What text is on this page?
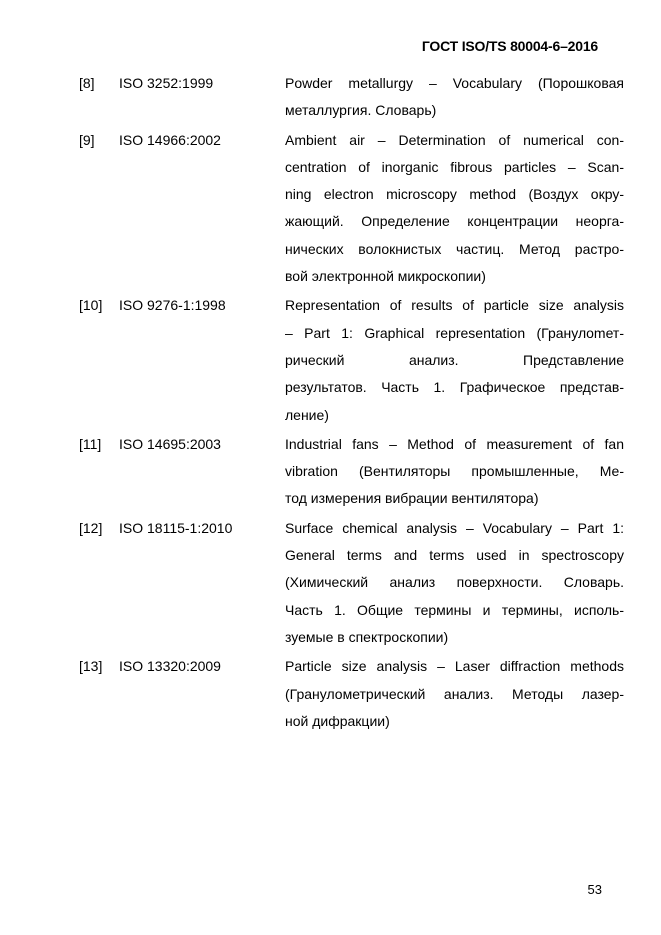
ГОСТ ISO/TS 80004-6–2016
[8]	ISO 3252:1999	Powder metallurgy – Vocabulary (Порошковая
металлургия. Словарь)
[9]	ISO 14966:2002	Ambient air – Determination of numerical con-
centration of inorganic fibrous particles – Scan-
ning electron microscopy method (Воздух окру-
жающий. Определение концентрации неорга-
нических волокнистых частиц. Метод растро-
вой электронной микроскопии)
[10]	ISO 9276-1:1998	Representation of results of particle size analysis
– Part 1: Graphical representation (Гранулomет-
рический анализ. Представление
результатов. Часть 1. Графическое представ-
ление)
[11]	ISO 14695:2003	Industrial fans – Method of measurement of fan
vibration (Вентиляторы промышленные, Ме-
тод измерения вибрации вентилятора)
[12]	ISO 18115-1:2010	Surface chemical analysis – Vocabulary – Part 1:
General terms and terms used in spectroscopy
(Химический анализ поверхности. Словарь.
Часть 1. Общие термины и термины, исполь-
зуемые в спектроскопии)
[13]	ISO 13320:2009	Particle size analysis – Laser diffraction methods
(Гранулометрический анализ. Методы лазер-
ной дифракции)
53
